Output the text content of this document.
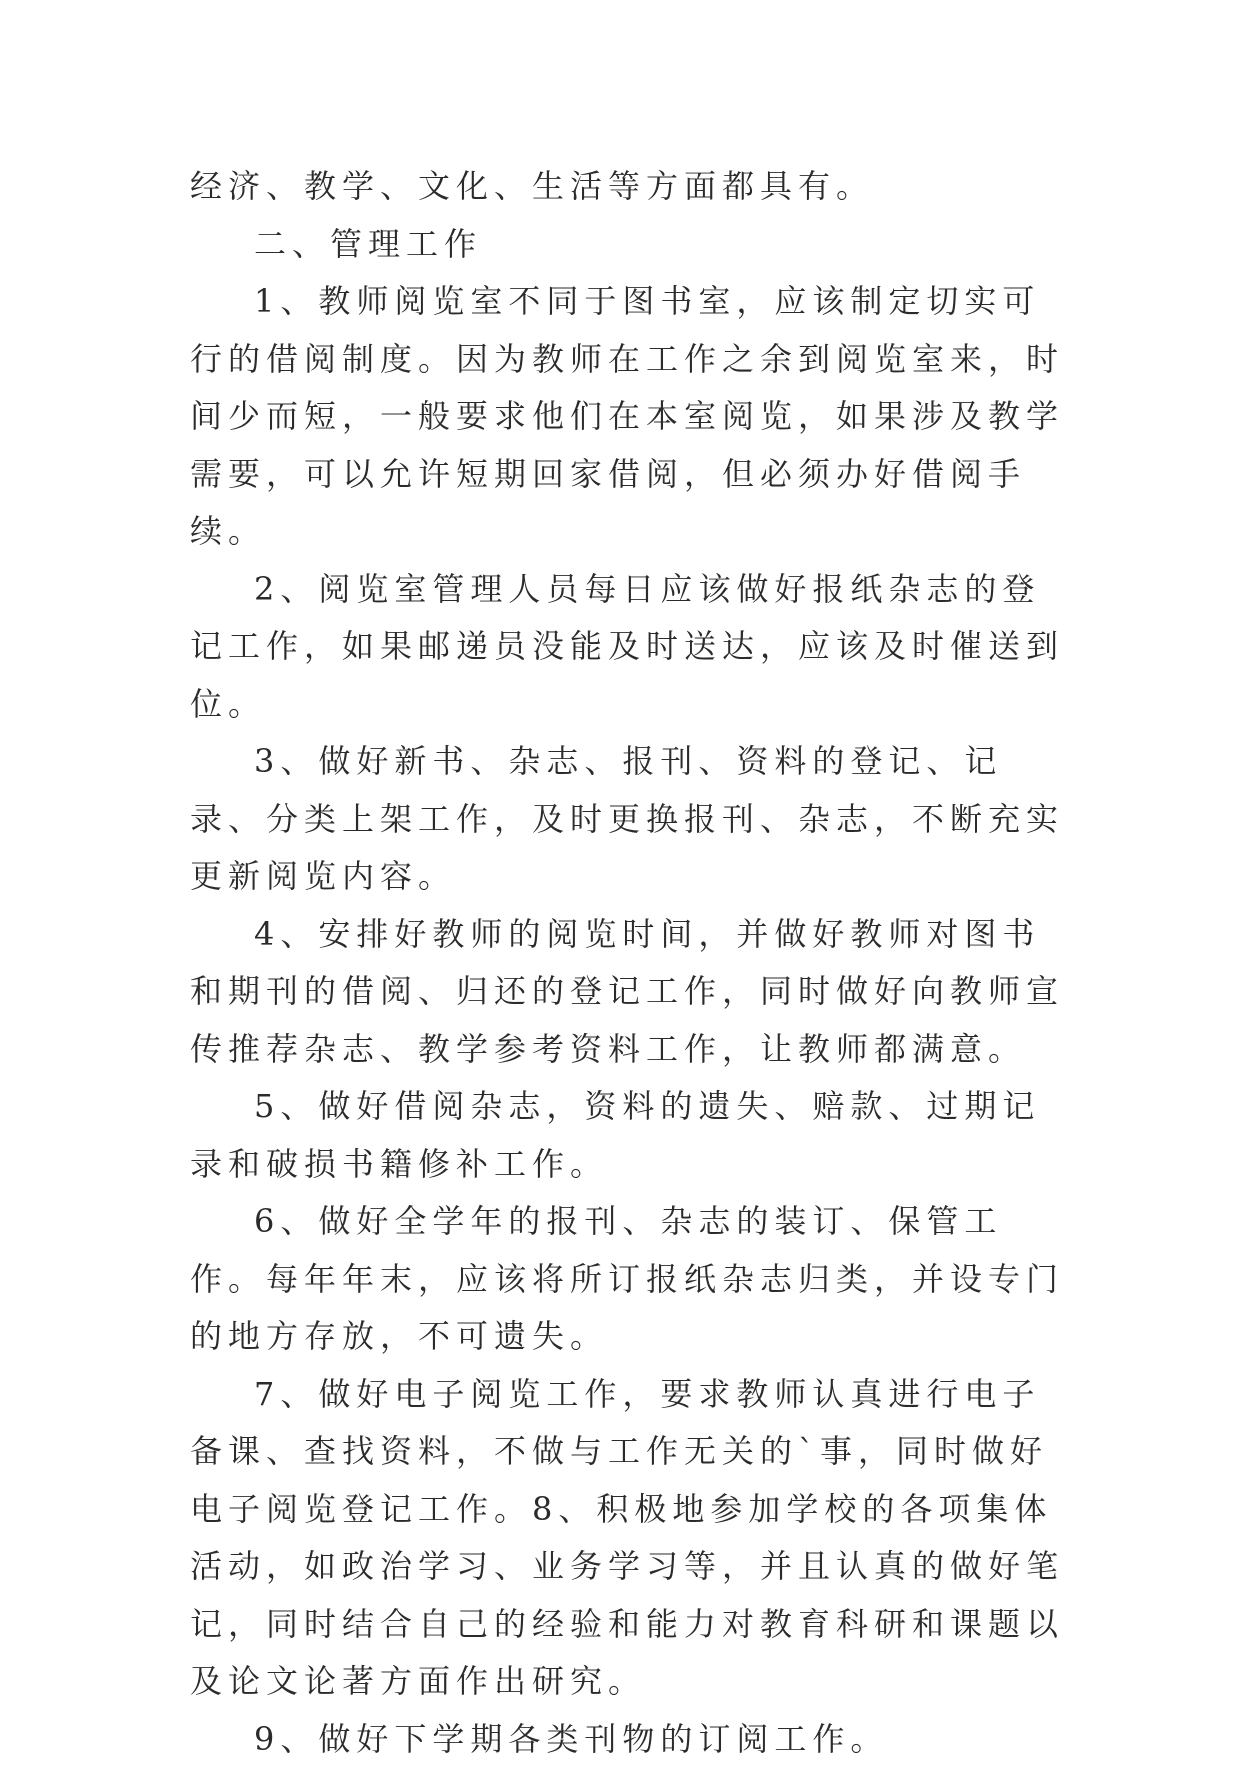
经济、教学、文化、生活等方面都具有。

二、管理工作

1、教师阅览室不同于图书室，应该制定切实可行的借阅制度。因为教师在工作之余到阅览室来，时间少而短，一般要求他们在本室阅览，如果涉及教学需要，可以允许短期回家借阅，但必须办好借阅手续。

2、阅览室管理人员每日应该做好报纸杂志的登记工作，如果邮递员没能及时送达，应该及时催送到位。

3、做好新书、杂志、报刊、资料的登记、记录、分类上架工作，及时更换报刊、杂志，不断充实更新阅览内容。

4、安排好教师的阅览时间，并做好教师对图书和期刊的借阅、归还的登记工作，同时做好向教师宣传推荐杂志、教学参考资料工作，让教师都满意。

5、做好借阅杂志，资料的遗失、赔款、过期记录和破损书籍修补工作。

6、做好全学年的报刊、杂志的装订、保管工作。每年年末，应该将所订报纸杂志归类，并设专门的地方存放，不可遗失。

7、做好电子阅览工作，要求教师认真进行电子备课、查找资料，不做与工作无关的`事，同时做好电子阅览登记工作。8、积极地参加学校的各项集体活动，如政治学习、业务学习等，并且认真的做好笔记，同时结合自己的经验和能力对教育科研和课题以及论文论著方面作出研究。

9、做好下学期各类刊物的订阅工作。
